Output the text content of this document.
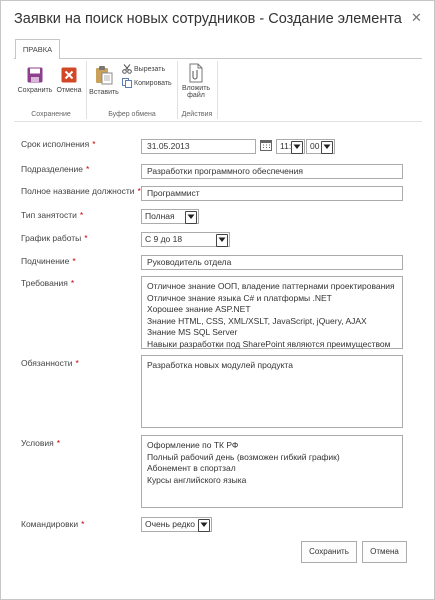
Заявки на поиск новых сотрудников - Создание элемента ✕
ПРАВКА
Сохранить Отмена
Сохранение
Вставить
Вырезать
Копировать
Буфер обмена
Вложить
файл
Действия
Срок исполнения *	31.05.2013	11:	00
Подразделение *	Разработки программного обеспечения
Полное название должности * Программист
Тип занятости *	Полная
График работы *	С 9 до 18
Подчинение *	Руководитель отдела
Требования *	Отличное знание ООП, владение паттернами проектирования
Отличное знание языка C# и платформы .NET
Хорошее знание ASP.NET
Знание HTML, CSS, XML/XSLT, JavaScript, jQuery, AJAX
Знание MS SQL Server
Навыки разработки под SharePoint являются преимуществом
Обязанности *	Разработка новых модулей продукта
Условия *	Оформление по ТК РФ
Полный рабочий день (возможен гибкий график)
Абонемент в спортзал
Курсы английского языка
Командировки *	Очень редко
Сохранить	Отмена
